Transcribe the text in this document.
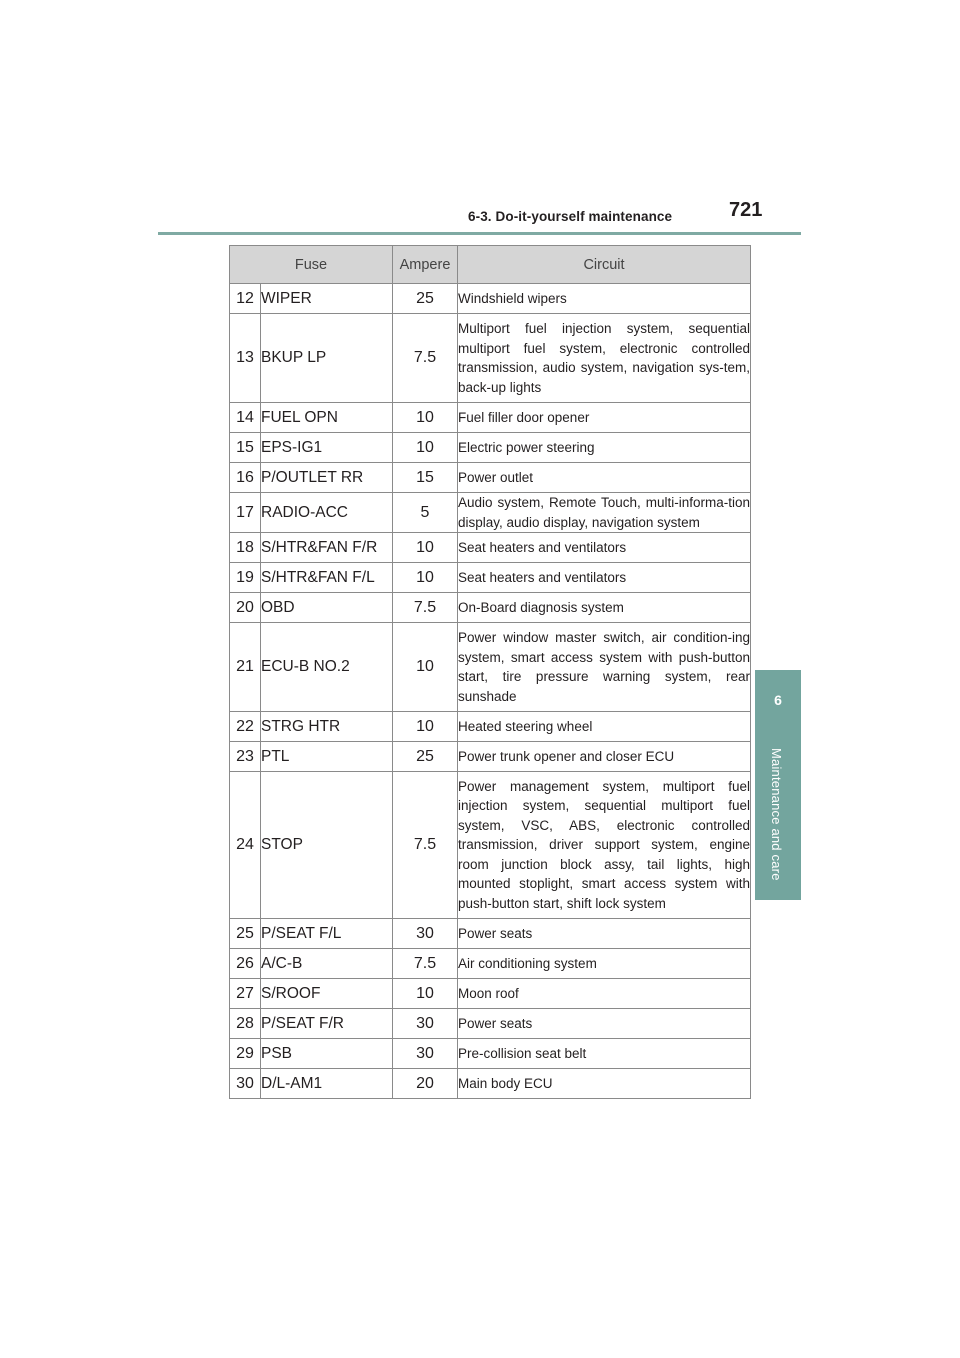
6-3. Do-it-yourself maintenance	721
6
Maintenance and care
Fuse		Ampere	Circuit
12	WIPER	25	Windshield wipers
13	BKUP LP	7.5	Multiport fuel injection system, sequential multiport fuel system, electronic controlled transmission, audio system, navigation sys-tem, back-up lights
14	FUEL OPN	10	Fuel filler door opener
15	EPS-IG1	10	Electric power steering
16	P/OUTLET RR	15	Power outlet
17	RADIO-ACC	5	Audio system, Remote Touch, multi-informa-tion display, audio display, navigation system
18	S/HTR&FAN F/R	10	Seat heaters and ventilators
19	S/HTR&FAN F/L	10	Seat heaters and ventilators
20	OBD	7.5	On-Board diagnosis system
21	ECU-B NO.2	10	Power window master switch, air condition-ing system, smart access system with push-button start, tire pressure warning system, rear sunshade
22	STRG HTR	10	Heated steering wheel
23	PTL	25	Power trunk opener and closer ECU
24	STOP	7.5	Power management system, multiport fuel injection system, sequential multiport fuel system, VSC, ABS, electronic controlled transmission, driver support system, engine room junction block assy, tail lights, high mounted stoplight, smart access system with push-button start, shift lock system
25	P/SEAT F/L	30	Power seats
26	A/C-B	7.5	Air conditioning system
27	S/ROOF	10	Moon roof
28	P/SEAT F/R	30	Power seats
29	PSB	30	Pre-collision seat belt
30	D/L-AM1	20	Main body ECU
